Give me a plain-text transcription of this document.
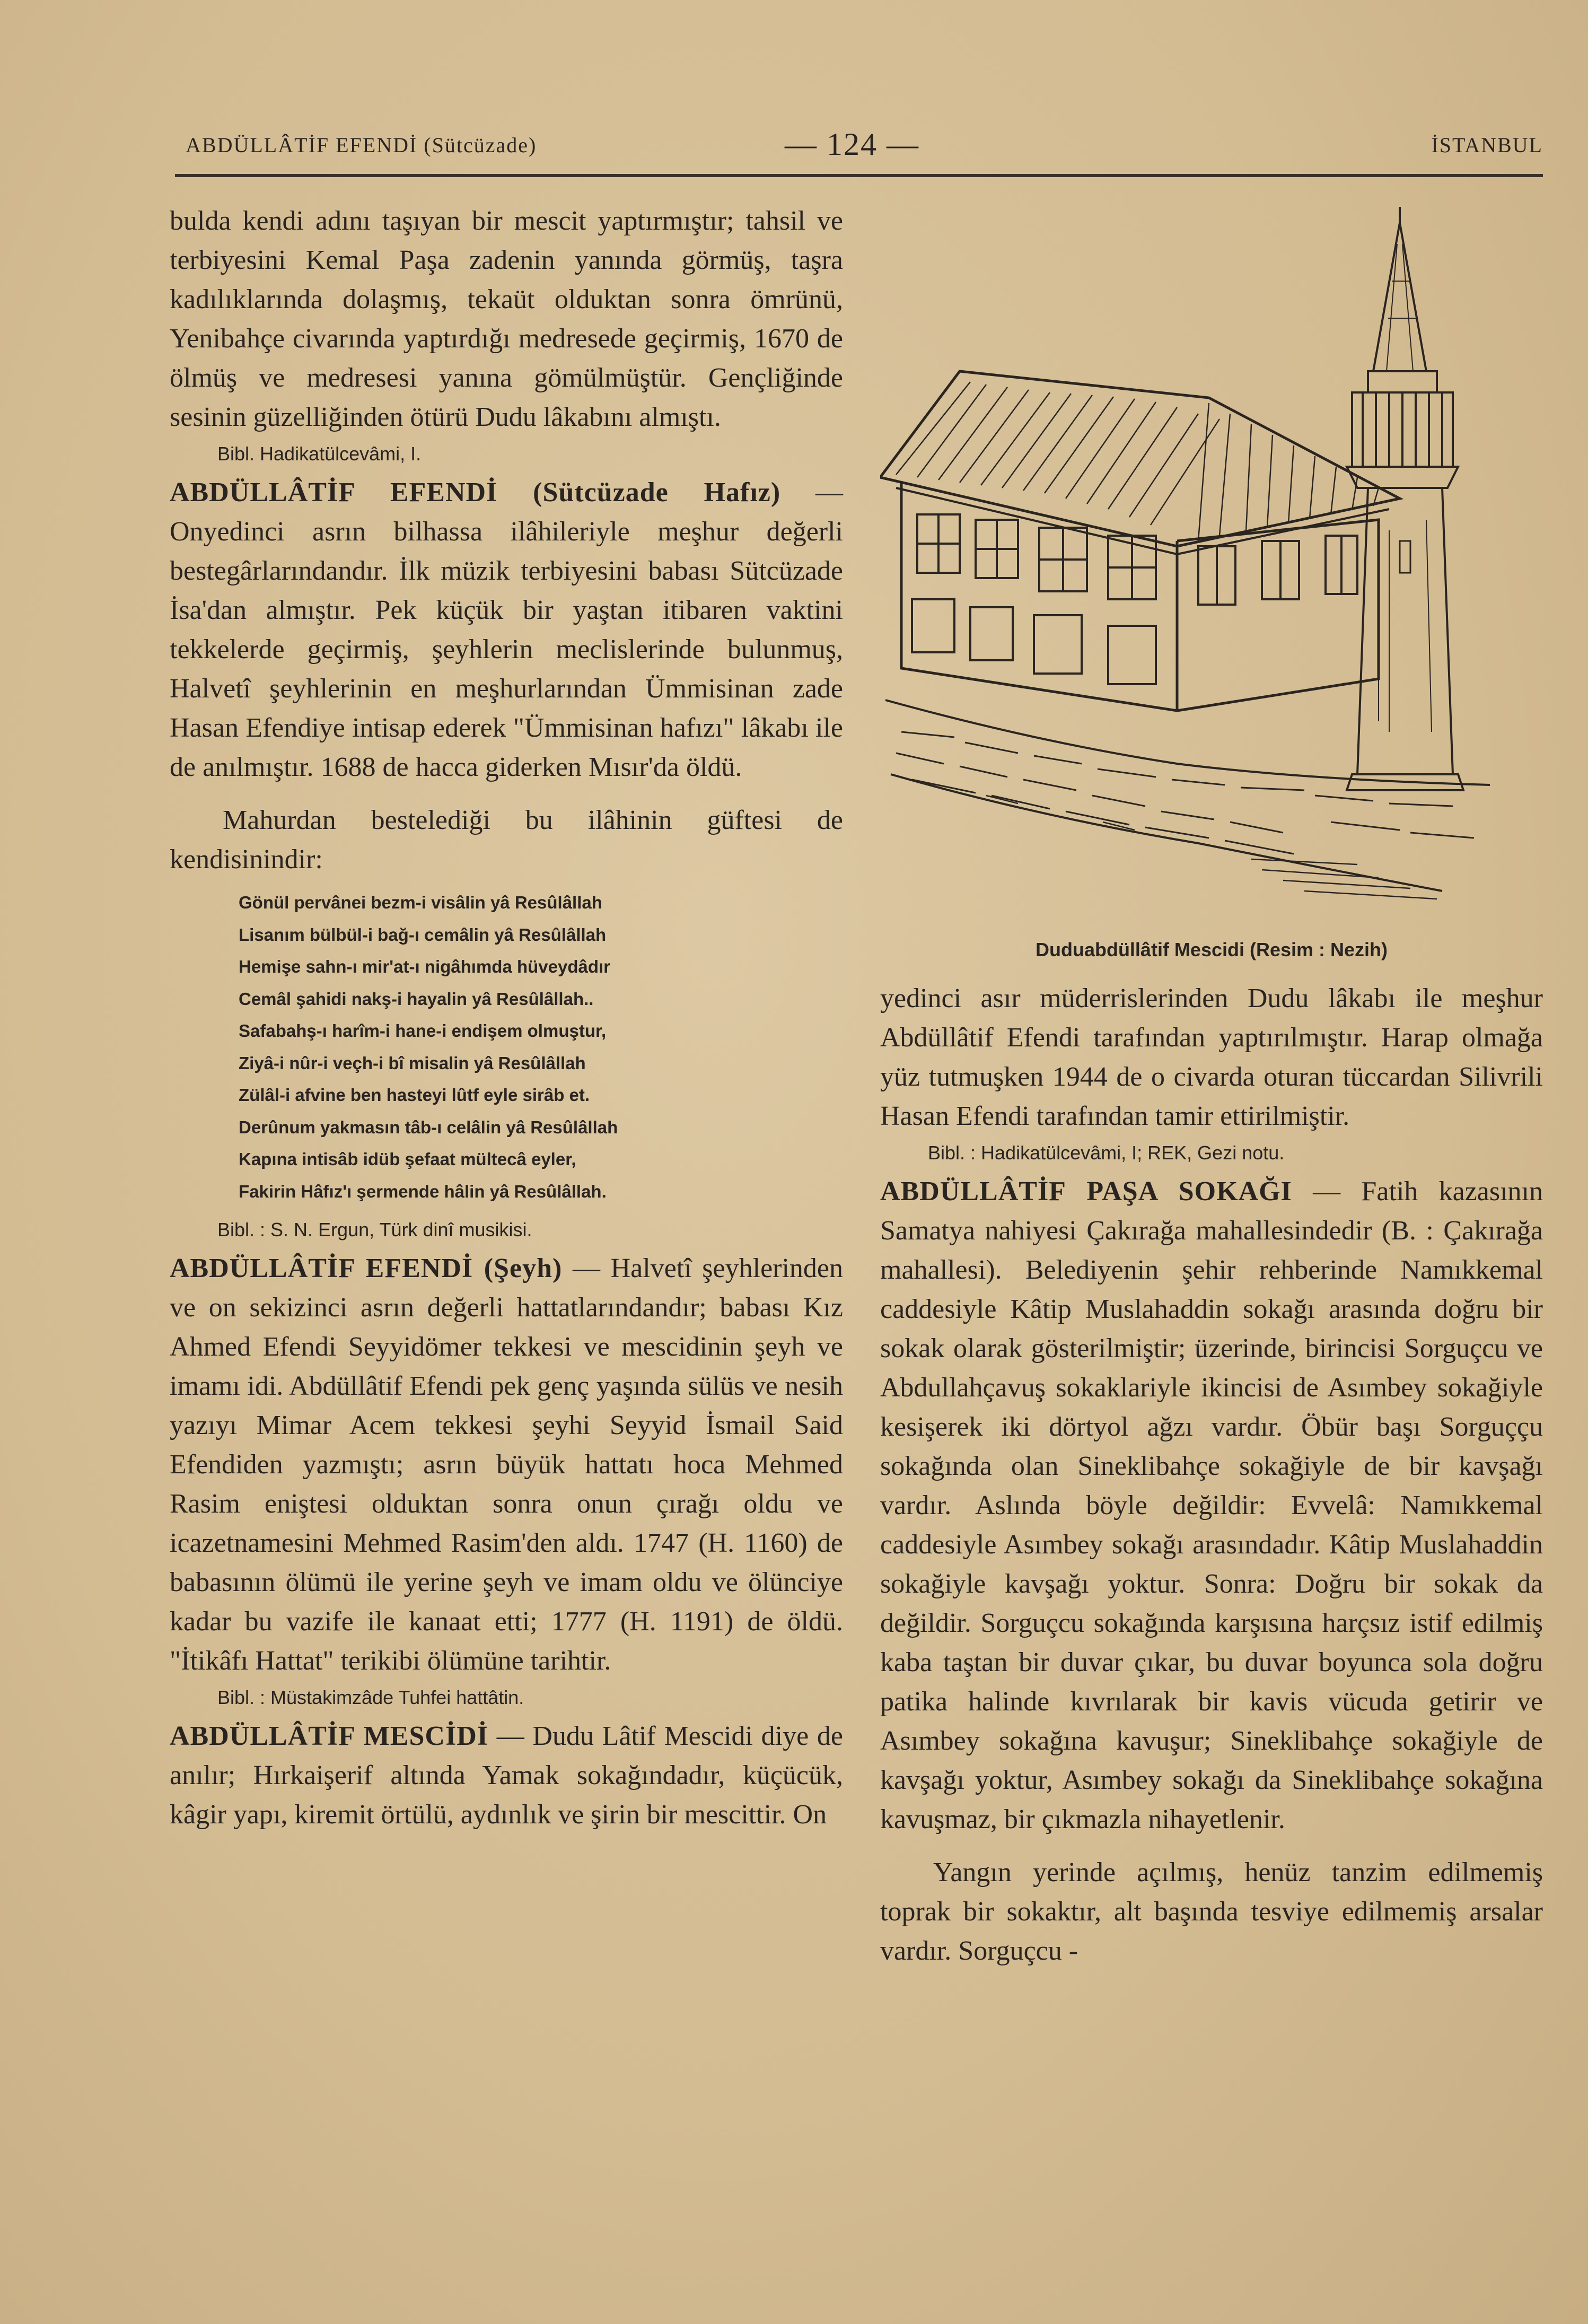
ABDÜLLÂTİF EFENDİ (Sütcüzade)	— 124 —	İSTANBUL

bulda kendi adını taşıyan bir mescit yaptırmıştır; tahsil ve terbiyesini Kemal Paşa zadenin yanında görmüş, taşra kadılıklarında dolaşmış, tekaüt olduktan sonra ömrünü, Yenibahçe civarında yaptırdığı medresede geçirmiş, 1670 de ölmüş ve medresesi yanına gömülmüştür. Gençliğinde sesinin güzelliğinden ötürü Dudu lâkabını almıştı.

Bibl. Hadikatülcevâmi, I.

ABDÜLLÂTİF EFENDİ (Sütcüzade Hafız) — Onyedinci asrın bilhassa ilâhileriyle meşhur değerli bestegârlarındandır. İlk müzik terbiyesini babası Sütcüzade İsa'dan almıştır. Pek küçük bir yaştan itibaren vaktini tekkelerde geçirmiş, şeyhlerin meclislerinde bulunmuş, Halvetî şeyhlerinin en meşhurlarından Ümmisinan zade Hasan Efendiye intisap ederek "Ümmisinan hafızı" lâkabı ile de anılmıştır. 1688 de hacca giderken Mısır'da öldü.

Mahurdan bestelediği bu ilâhinin güftesi de kendisinindir:

Gönül pervânei bezm-i visâlin yâ Resûlâllah
Lisanım bülbül-i bağ-ı cemâlin yâ Resûlâllah
Hemişe sahn-ı mir'at-ı nigâhımda hüveydâdır
Cemâl şahidi nakş-i hayalin yâ Resûlâllah..
Safabahş-ı harîm-i hane-i endişem olmuştur,
Ziyâ-i nûr-i veçh-i bî misalin yâ Resûlâllah
Zülâl-i afvine ben hasteyi lûtf eyle sirâb et.
Derûnum yakmasın tâb-ı celâlin yâ Resûlâllah
Kapına intisâb idüb şefaat mültecâ eyler,
Fakirin Hâfız'ı şermende hâlin yâ Resûlâllah.
Bibl. : S. N. Ergun, Türk dinî musikisi.

ABDÜLLÂTİF EFENDİ (Şeyh) — Halvetî şeyhlerinden ve on sekizinci asrın değerli hattatlarındandır; babası Kız Ahmed Efendi Seyyidömer tekkesi ve mescidinin şeyh ve imamı idi. Abdüllâtif Efendi pek genç yaşında sülüs ve nesih yazıyı Mimar Acem tekkesi şeyhi Seyyid İsmail Said Efendiden yazmıştı; asrın büyük hattatı hoca Mehmed Rasim eniştesi olduktan sonra onun çırağı oldu ve icazetnamesini Mehmed Rasim'den aldı. 1747 (H. 1160) de babasının ölümü ile yerine şeyh ve imam oldu ve ölünciye kadar bu vazife ile kanaat etti; 1777 (H. 1191) de öldü. "İtikâfı Hattat" terikibi ölümüne tarihtir.

Bibl. : Müstakimzâde Tuhfei hattâtin.

ABDÜLLÂTİF MESCİDİ — Dudu Lâtif Mescidi diye de anılır; Hırkaişerif altında Yamak sokağındadır, küçücük, kâgir yapı, kiremit örtülü, aydınlık ve şirin bir mescittir. On

Duduabdüllâtif Mescidi (Resim : Nezih)

yedinci asır müderrislerinden Dudu lâkabı ile meşhur Abdüllâtif Efendi tarafından yaptırılmıştır. Harap olmağa yüz tutmuşken 1944 de o civarda oturan tüccardan Silivrili Hasan Efendi tarafından tamir ettirilmiştir.

Bibl. : Hadikatülcevâmi, I; REK, Gezi notu.

ABDÜLLÂTİF PAŞA SOKAĞI — Fatih kazasının Samatya nahiyesi Çakırağa mahallesindedir (B. : Çakırağa mahallesi). Belediyenin şehir rehberinde Namıkkemal caddesiyle Kâtip Muslahaddin sokağı arasında doğru bir sokak olarak gösterilmiştir; üzerinde, birincisi Sorguçcu ve Abdullahçavuş sokaklariyle ikincisi de Asımbey sokağiyle kesişerek iki dörtyol ağzı vardır. Öbür başı Sorguççu sokağında olan Sineklibahçe sokağiyle de bir kavşağı vardır. Aslında böyle değildir: Evvelâ: Namıkkemal caddesiyle Asımbey sokağı arasındadır. Kâtip Muslahaddin sokağiyle kavşağı yoktur. Sonra: Doğru bir sokak da değildir. Sorguçcu sokağında karşısına harçsız istif edilmiş kaba taştan bir duvar çıkar, bu duvar boyunca sola doğru patika halinde kıvrılarak bir kavis vücuda getirir ve Asımbey sokağına kavuşur; Sineklibahçe sokağiyle de kavşağı yoktur, Asımbey sokağı da Sineklibahçe sokağına kavuşmaz, bir çıkmazla nihayetlenir.

Yangın yerinde açılmış, henüz tanzim edilmemiş toprak bir sokaktır, alt başında tesviye edilmemiş arsalar vardır. Sorguçcu -
